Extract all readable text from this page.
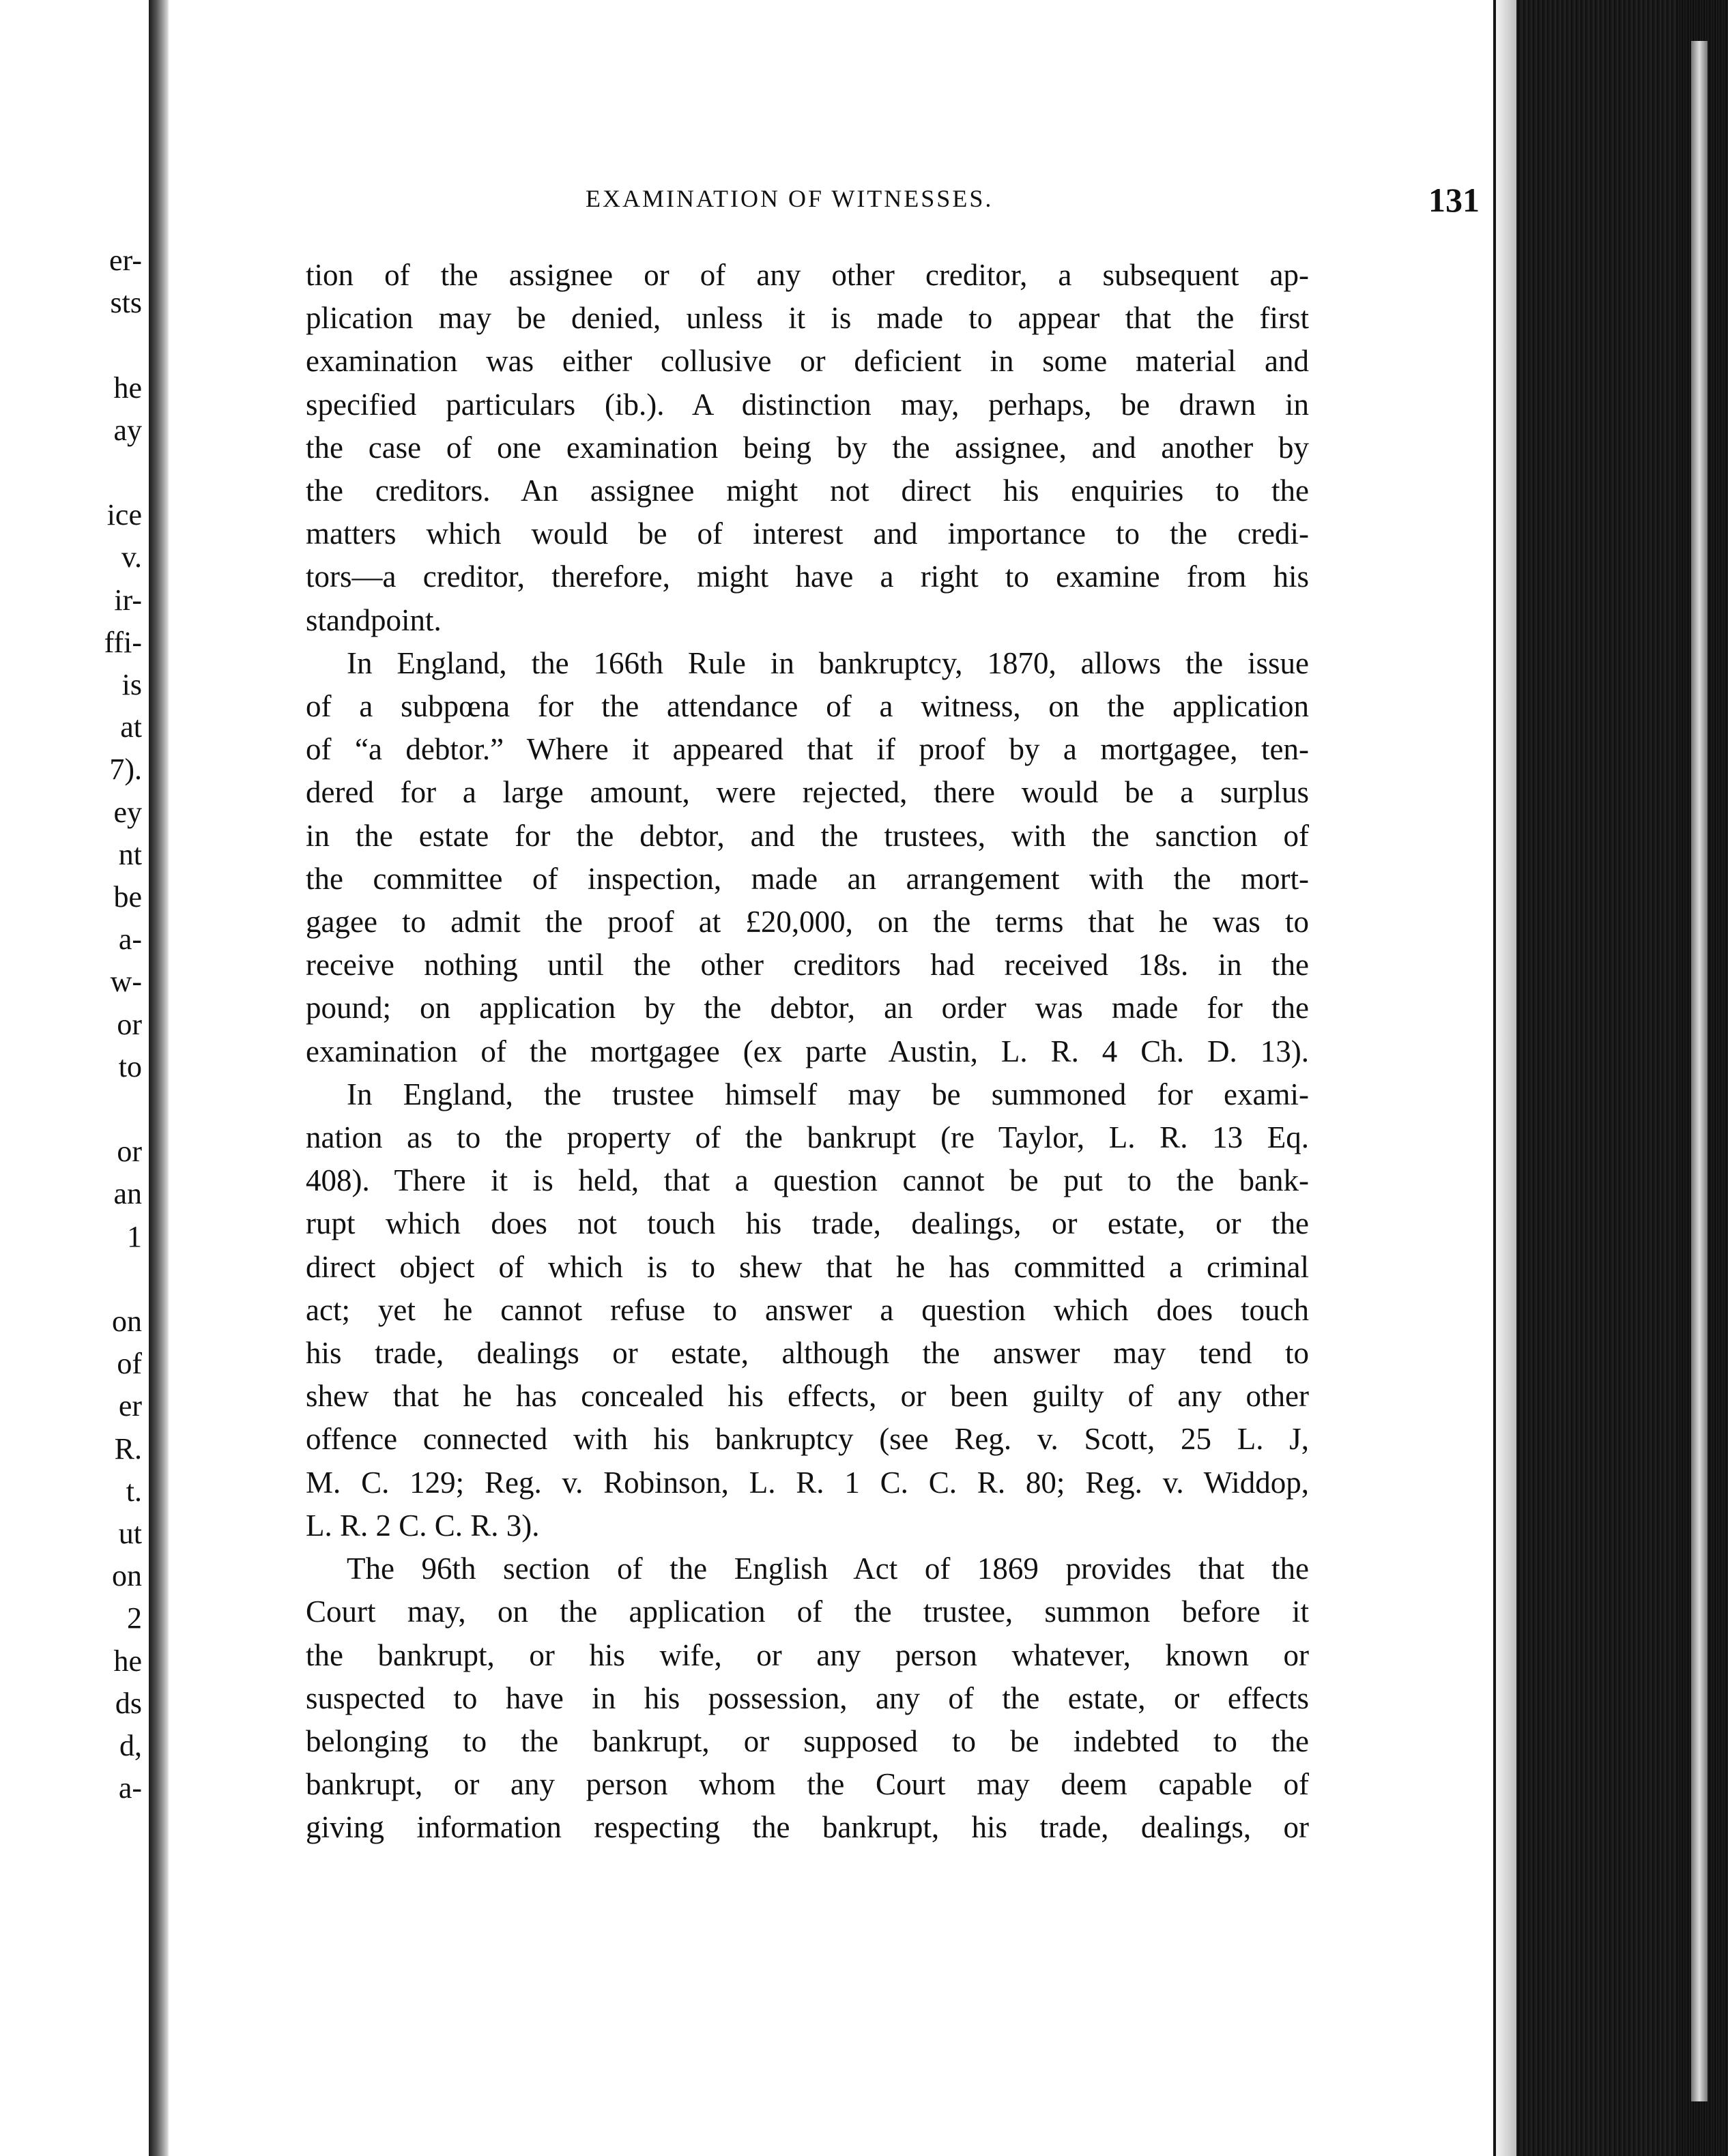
er-
sts
he
ay
ice
v.
ir-
ffi-
is
at
7).
ey
nt
be
a-
w-
or
to
or
an
1
on
of
er
R.
t.
ut
on
2
he
ds
d,
a-
EXAMINATION OF WITNESSES.	131
tion of the assignee or of any other creditor, a subsequent ap-
plication may be denied, unless it is made to appear that the first
examination was either collusive or deficient in some material and
specified particulars (ib.). A distinction may, perhaps, be drawn in
the case of one examination being by the assignee, and another by
the creditors. An assignee might not direct his enquiries to the
matters which would be of interest and importance to the credi-
tors—a creditor, therefore, might have a right to examine from his
standpoint.
In England, the 166th Rule in bankruptcy, 1870, allows the issue
of a subpœna for the attendance of a witness, on the application
of “a debtor.” Where it appeared that if proof by a mortgagee, ten-
dered for a large amount, were rejected, there would be a surplus
in the estate for the debtor, and the trustees, with the sanction of
the committee of inspection, made an arrangement with the mort-
gagee to admit the proof at £20,000, on the terms that he was to
receive nothing until the other creditors had received 18s. in the
pound; on application by the debtor, an order was made for the
examination of the mortgagee (ex parte Austin, L. R. 4 Ch. D. 13).
In England, the trustee himself may be summoned for exami-
nation as to the property of the bankrupt (re Taylor, L. R. 13 Eq.
408). There it is held, that a question cannot be put to the bank-
rupt which does not touch his trade, dealings, or estate, or the
direct object of which is to shew that he has committed a criminal
act; yet he cannot refuse to answer a question which does touch
his trade, dealings or estate, although the answer may tend to
shew that he has concealed his effects, or been guilty of any other
offence connected with his bankruptcy (see Reg. v. Scott, 25 L. J,
M. C. 129; Reg. v. Robinson, L. R. 1 C. C. R. 80; Reg. v. Widdop,
L. R. 2 C. C. R. 3).
The 96th section of the English Act of 1869 provides that the
Court may, on the application of the trustee, summon before it
the bankrupt, or his wife, or any person whatever, known or
suspected to have in his possession, any of the estate, or effects
belonging to the bankrupt, or supposed to be indebted to the
bankrupt, or any person whom the Court may deem capable of
giving information respecting the bankrupt, his trade, dealings, or
